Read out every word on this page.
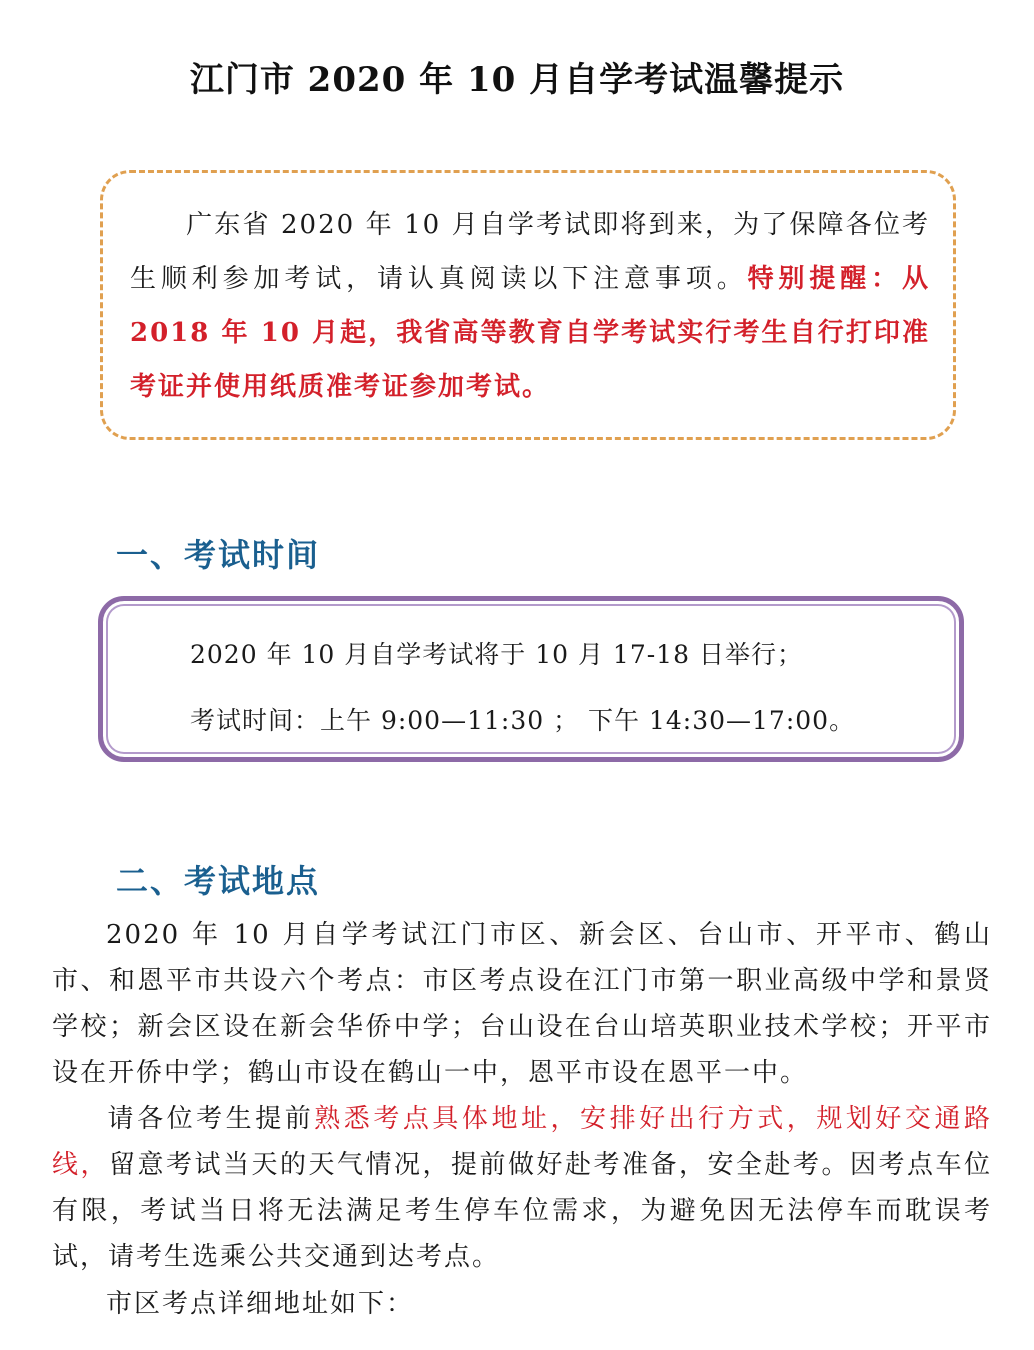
江门市 2020 年 10 月自学考试温馨提示
广东省 2020 年 10 月自学考试即将到来，为了保障各位考生顺利参加考试，请认真阅读以下注意事项。特别提醒：从 2018 年 10 月起，我省高等教育自学考试实行考生自行打印准考证并使用纸质准考证参加考试。
一、考试时间
2020 年 10 月自学考试将于 10 月 17-18 日举行；
考试时间：上午 9:00—11:30 ； 下午 14:30—17:00。
二、考试地点
2020 年 10 月自学考试江门市区、新会区、台山市、开平市、鹤山市、和恩平市共设六个考点：市区考点设在江门市第一职业高级中学和景贤学校；新会区设在新会华侨中学；台山设在台山培英职业技术学校；开平市设在开侨中学；鹤山市设在鹤山一中，恩平市设在恩平一中。
请各位考生提前熟悉考点具体地址，安排好出行方式，规划好交通路线，留意考试当天的天气情况，提前做好赴考准备，安全赴考。因考点车位有限，考试当日将无法满足考生停车位需求，为避免因无法停车而耽误考试，请考生选乘公共交通到达考点。
市区考点详细地址如下：
